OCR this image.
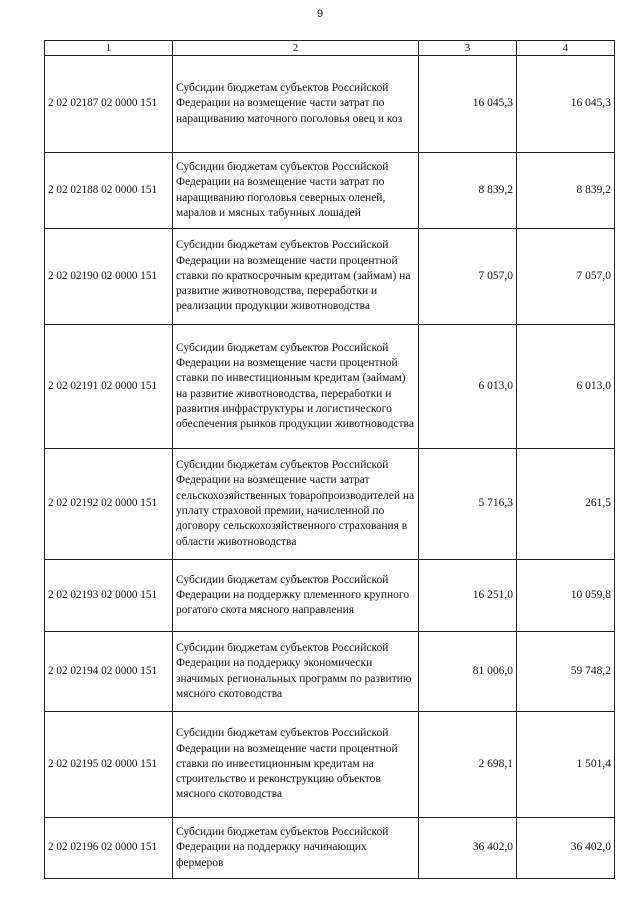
9
1	2	3	4
2 02 02187 02 0000 151	Субсидии бюджетам субъектов Российской Федерации на возмещение части затрат по наращиванию маточного поголовья овец и коз	16 045,3	16 045,3
2 02 02188 02 0000 151	Субсидии бюджетам субъектов Российской Федерации на возмещение части затрат по наращиванию поголовья северных оленей, маралов и мясных табунных лошадей	8 839,2	8 839,2
2 02 02190 02 0000 151	Субсидии бюджетам субъектов Российской Федерации на возмещение части процентной ставки по краткосрочным кредитам (займам) на развитие животноводства, переработки и реализации продукции животноводства	7 057,0	7 057,0
2 02 02191 02 0000 151	Субсидии бюджетам субъектов Российской Федерации на возмещение части процентной ставки по инвестиционным кредитам (займам) на развитие животноводства, переработки и развития инфраструктуры и логистического обеспечения рынков продукции животноводства	6 013,0	6 013,0
2 02 02192 02 0000 151	Субсидии бюджетам субъектов Российской Федерации на возмещение части затрат сельскохозяйственных товаропроизводителей на уплату страховой премии, начисленной по договору сельскохозяйственного страхования в области животноводства	5 716,3	261,5
2 02 02193 02 0000 151	Субсидии бюджетам субъектов Российской Федерации на поддержку племенного крупного рогатого скота мясного направления	16 251,0	10 059,8
2 02 02194 02 0000 151	Субсидии бюджетам субъектов Российской Федерации на поддержку экономически значимых региональных программ по развитию мясного скотоводства	81 006,0	59 748,2
2 02 02195 02 0000 151	Субсидии бюджетам субъектов Российской Федерации на возмещение части процентной ставки по инвестиционным кредитам на строительство и реконструкцию объектов мясного скотоводства	2 698,1	1 501,4
2 02 02196 02 0000 151	Субсидии бюджетам субъектов Российской Федерации на поддержку начинающих фермеров	36 402,0	36 402,0
